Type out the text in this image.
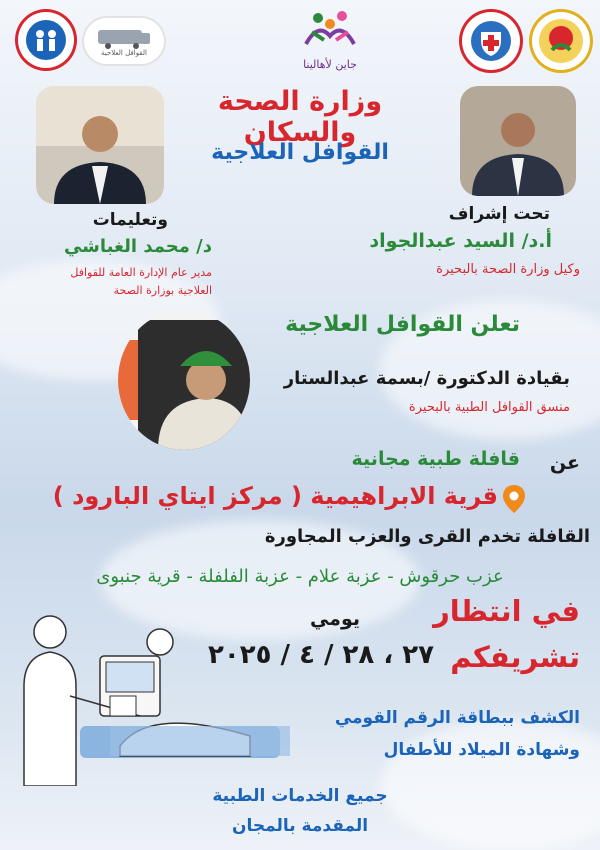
القوافل العلاجية
جاين لأهالينا
وزارة الصحة والسكان
القوافل العلاجية
وتعليمات
د/ محمد الغباشي
مدير عام الإدارة العامة للقوافل
العلاجية بوزارة الصحة
تحت إشراف
أ.د/ السيد عبدالجواد
وكيل وزارة الصحة بالبحيرة
تعلن القوافل العلاجية
بقيادة الدكتورة /بسمة عبدالستار
منسق القوافل الطبية بالبحيرة
عن
قافلة طبية مجانية
قرية الابراهيمية ( مركز ايتاي البارود )
القافلة تخدم القرى والعزب المجاورة
عزب حرقوش - عزبة علام - عزبة الفلفلة - قرية جنبوى
في انتظار
تشريفكم
يومي
٢٧ ، ٢٨ / ٤ / ٢٠٢٥
الكشف ببطاقة الرقم القومي
وشهادة الميلاد للأطفال
جميع الخدمات الطبية
المقدمة بالمجان
